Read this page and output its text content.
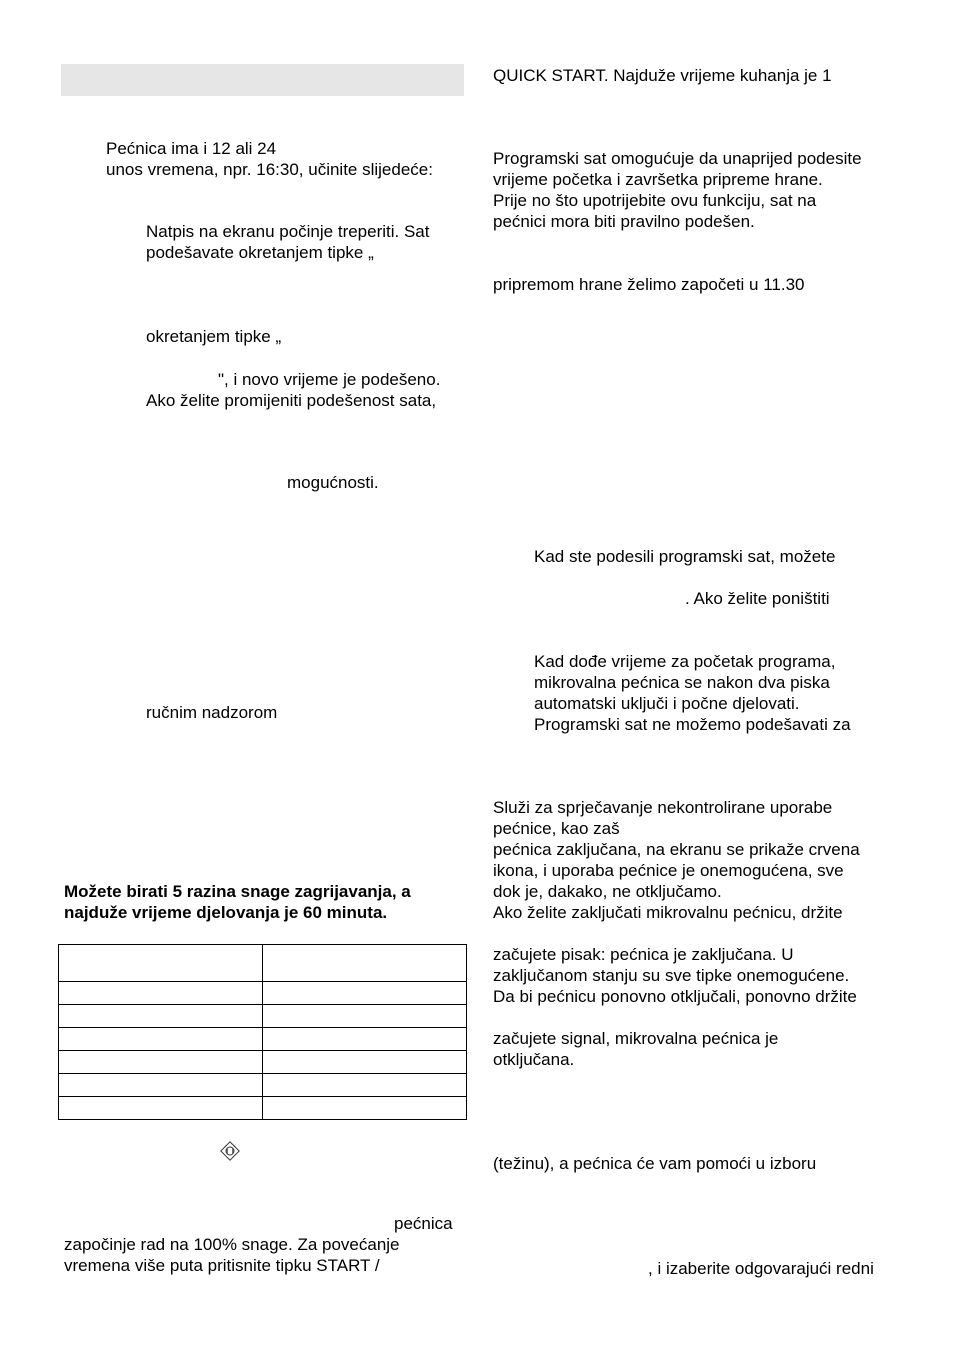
Pećnica ima i 12 ali 24
unos vremena, npr. 16:30, učinite slijedeće:
Natpis na ekranu počinje treperiti. Sat
podešavate okretanjem tipke „
okretanjem tipke „
", i novo vrijeme je podešeno.
Ako želite promijeniti podešenost sata,
mogućnosti.
ručnim nadzorom
Možete birati 5 razina snage zagrijavanja, a
najduže vrijeme djelovanja je 60 minuta.

pećnica
započinje rad na 100% snage. Za povećanje
vremena više puta pritisnite tipku START /
QUICK START. Najduže vrijeme kuhanja je 1
Programski sat omogućuje da unaprijed podesite
vrijeme početka i završetka pripreme hrane.
Prije no što upotrijebite ovu funkciju, sat na
pećnici mora biti pravilno podešen.
pripremom hrane želimo započeti u 11.30
Kad ste podesili programski sat, možete
. Ako želite poništiti
Kad dođe vrijeme za početak programa,
mikrovalna pećnica se nakon dva piska
automatski uključi i počne djelovati.
Programski sat ne možemo podešavati za
Služi za sprječavanje nekontrolirane uporabe
pećnice, kao zaš
pećnica zaključana, na ekranu se prikaže crvena
ikona, i uporaba pećnice je onemogućena, sve
dok je, dakako, ne otključamo.
Ako želite zaključati mikrovalnu pećnicu, držite
začujete pisak: pećnica je zaključana. U
zaključanom stanju su sve tipke onemogućene.
Da bi pećnicu ponovno otključali, ponovno držite
začujete signal, mikrovalna pećnica je
otključana.
(težinu), a pećnica će vam pomoći u izboru
, i izaberite odgovarajući redni
